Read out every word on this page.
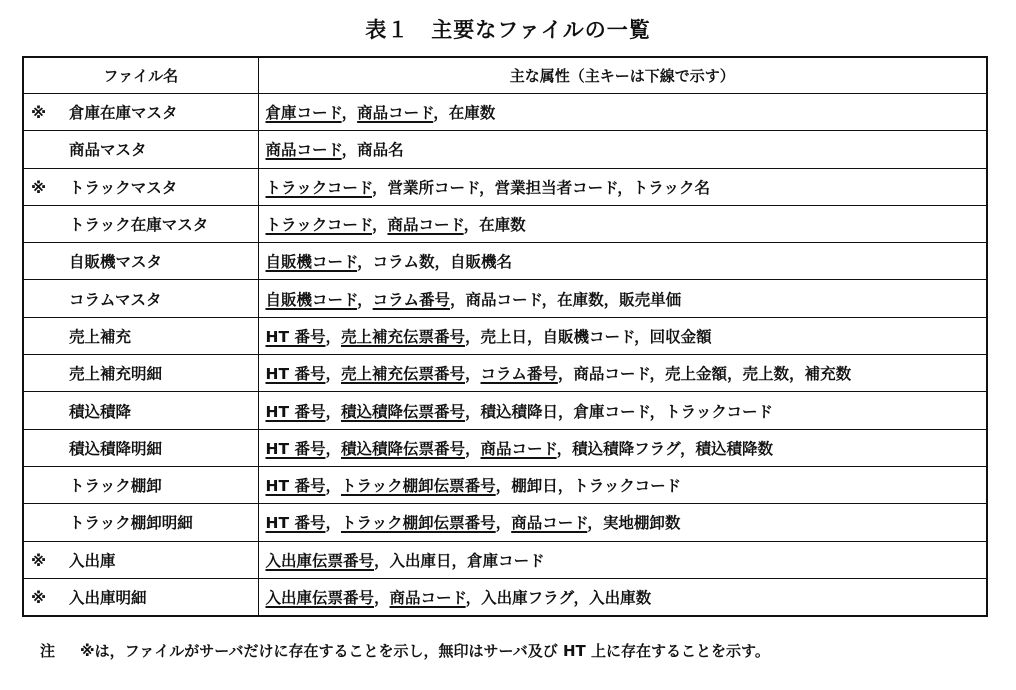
表１　主要なファイルの一覧
ファイル名	主な属性（主キーは下線で示す）
※ 倉庫在庫マスタ	倉庫コード，商品コード，在庫数
商品マスタ	商品コード，商品名
※ トラックマスタ	トラックコード，営業所コード，営業担当者コード，トラック名
トラック在庫マスタ	トラックコード，商品コード，在庫数
自販機マスタ	自販機コード，コラム数，自販機名
コラムマスタ	自販機コード，コラム番号，商品コード，在庫数，販売単価
売上補充	HT 番号，売上補充伝票番号，売上日，自販機コード，回収金額
売上補充明細	HT 番号，売上補充伝票番号，コラム番号，商品コード，売上金額，売上数，補充数
積込積降	HT 番号，積込積降伝票番号，積込積降日，倉庫コード，トラックコード
積込積降明細	HT 番号，積込積降伝票番号，商品コード，積込積降フラグ，積込積降数
トラック棚卸	HT 番号，トラック棚卸伝票番号，棚卸日，トラックコード
トラック棚卸明細	HT 番号，トラック棚卸伝票番号，商品コード，実地棚卸数
※ 入出庫	入出庫伝票番号，入出庫日，倉庫コード
※ 入出庫明細	入出庫伝票番号，商品コード，入出庫フラグ，入出庫数
注 ※は，ファイルがサーバだけに存在することを示し，無印はサーバ及び HT 上に存在することを示す。
